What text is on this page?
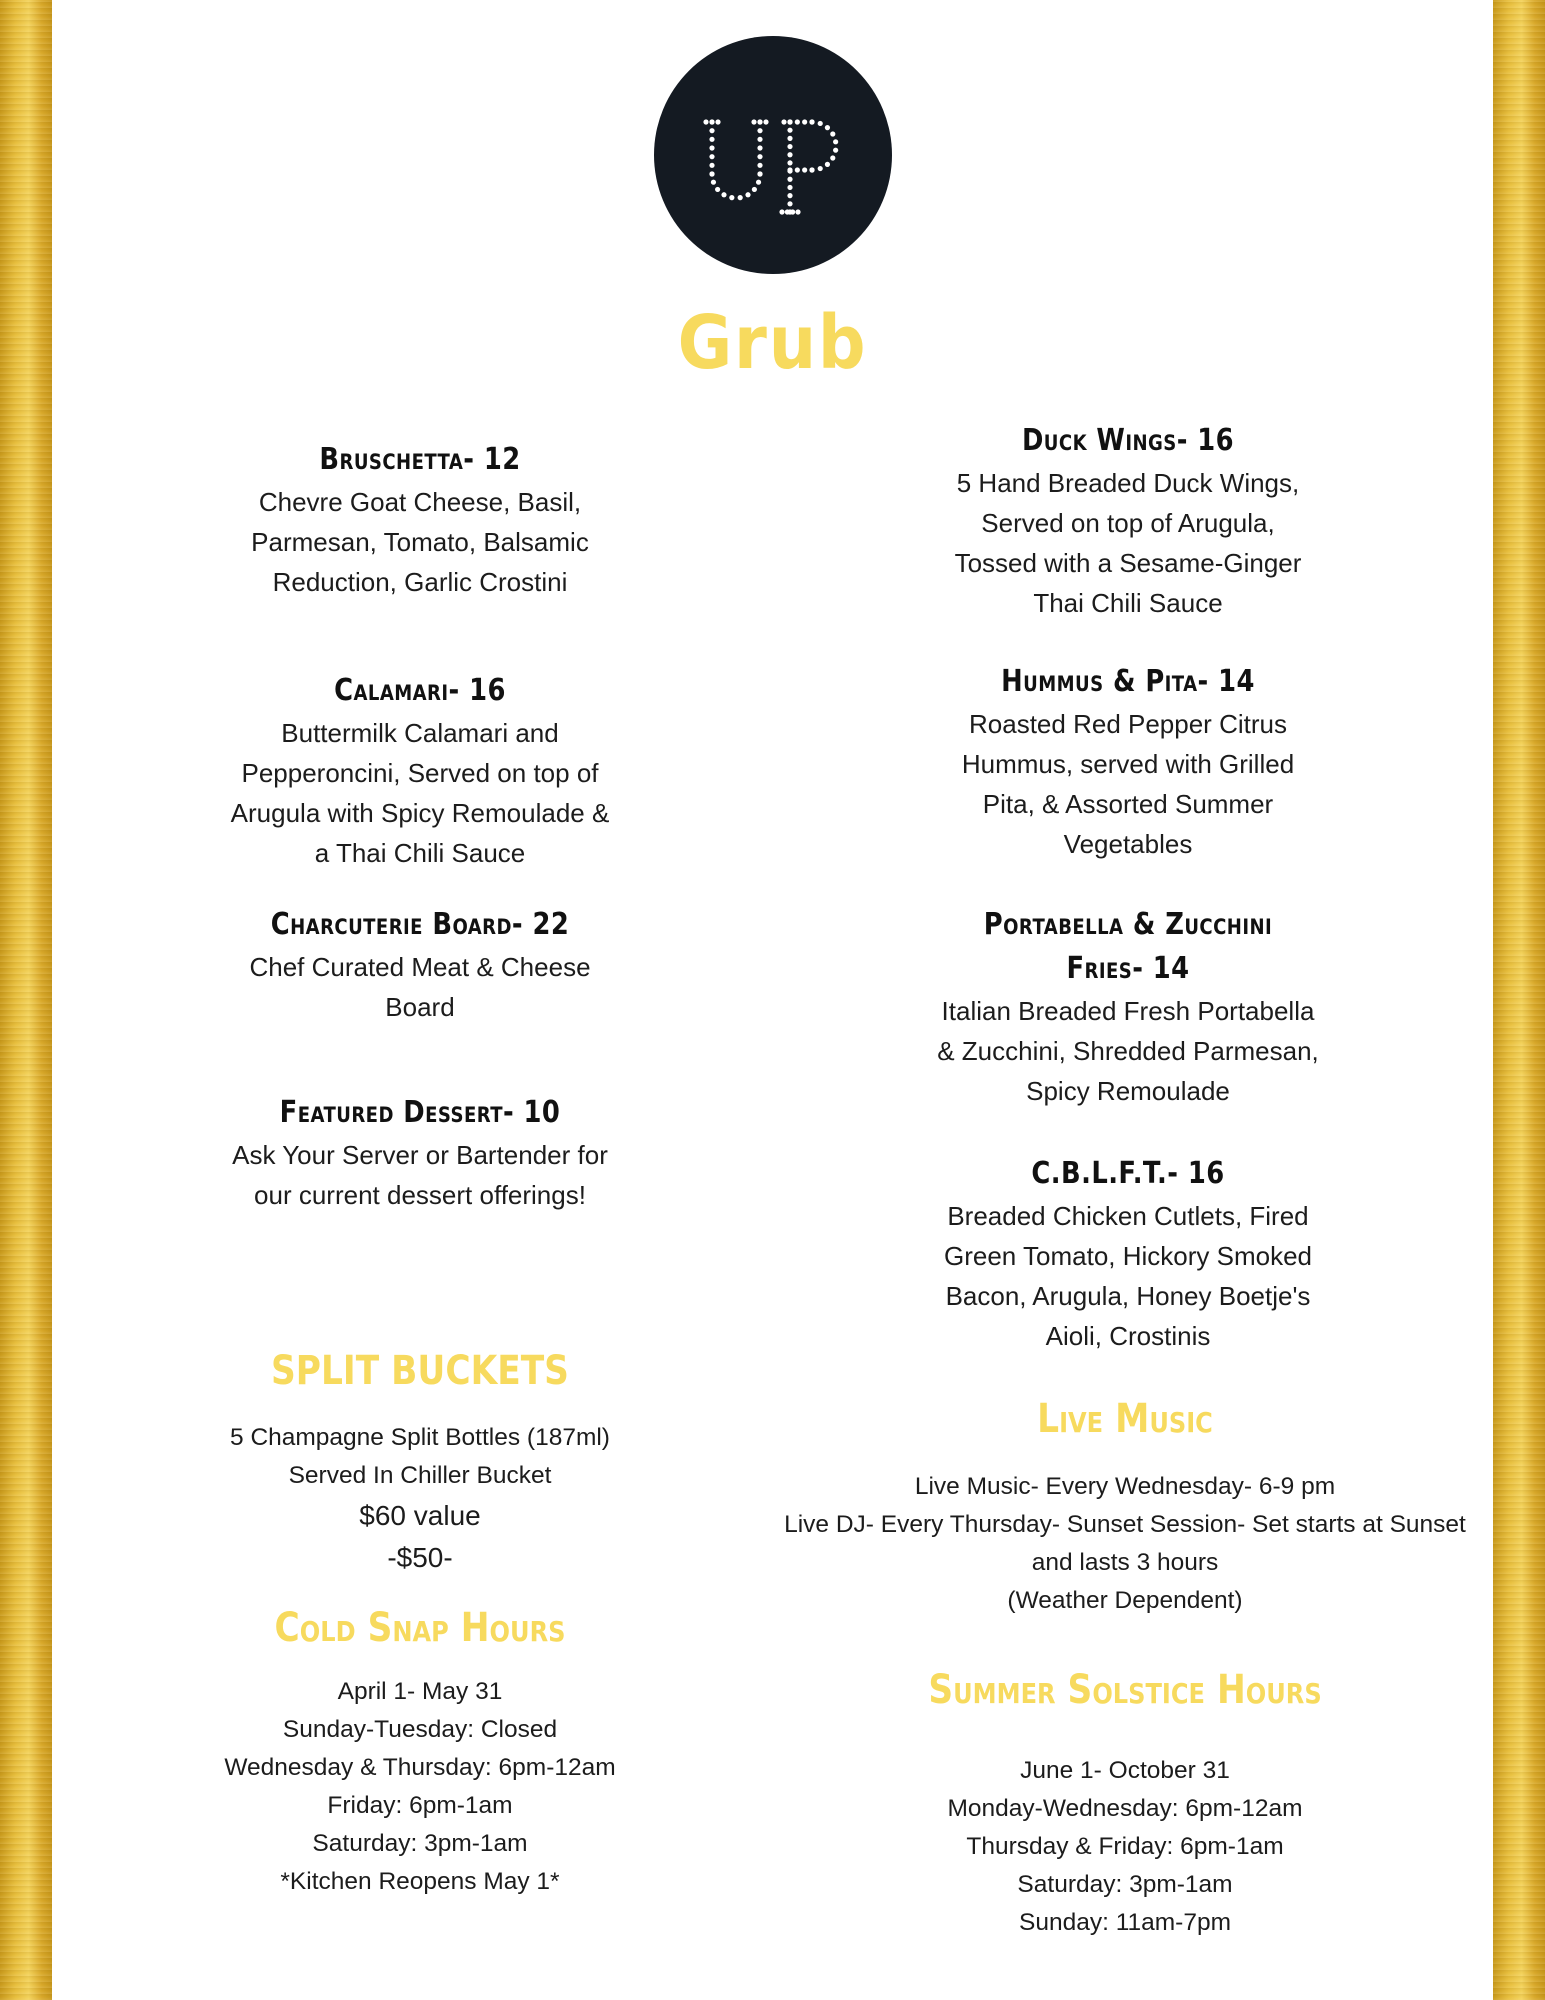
Grub
Bruschetta- 12
Chevre Goat Cheese, Basil,
Parmesan, Tomato, Balsamic
Reduction, Garlic Crostini
Calamari- 16
Buttermilk Calamari and
Pepperoncini, Served on top of
Arugula with Spicy Remoulade &
a Thai Chili Sauce
Charcuterie Board- 22
Chef Curated Meat & Cheese
Board
Featured Dessert- 10
Ask Your Server or Bartender for
our current dessert offerings!
Duck Wings- 16
5 Hand Breaded Duck Wings,
Served on top of Arugula,
Tossed with a Sesame-Ginger
Thai Chili Sauce
Hummus & Pita- 14
Roasted Red Pepper Citrus
Hummus, served with Grilled
Pita, & Assorted Summer
Vegetables
Portabella & Zucchini
Fries- 14
Italian Breaded Fresh Portabella
& Zucchini, Shredded Parmesan,
Spicy Remoulade
C.B.L.F.T.- 16
Breaded Chicken Cutlets, Fired
Green Tomato, Hickory Smoked
Bacon, Arugula, Honey Boetje's
Aioli, Crostinis
SPLIT BUCKETS
5 Champagne Split Bottles (187ml)
Served In Chiller Bucket
$60 value
-$50-
Cold Snap Hours
April 1- May 31
Sunday-Tuesday: Closed
Wednesday & Thursday: 6pm-12am
Friday: 6pm-1am
Saturday: 3pm-1am
*Kitchen Reopens May 1*
Live Music
Live Music- Every Wednesday- 6-9 pm
Live DJ- Every Thursday- Sunset Session- Set starts at Sunset
and lasts 3 hours
(Weather Dependent)
Summer Solstice Hours
June 1- October 31
Monday-Wednesday: 6pm-12am
Thursday & Friday: 6pm-1am
Saturday: 3pm-1am
Sunday: 11am-7pm
